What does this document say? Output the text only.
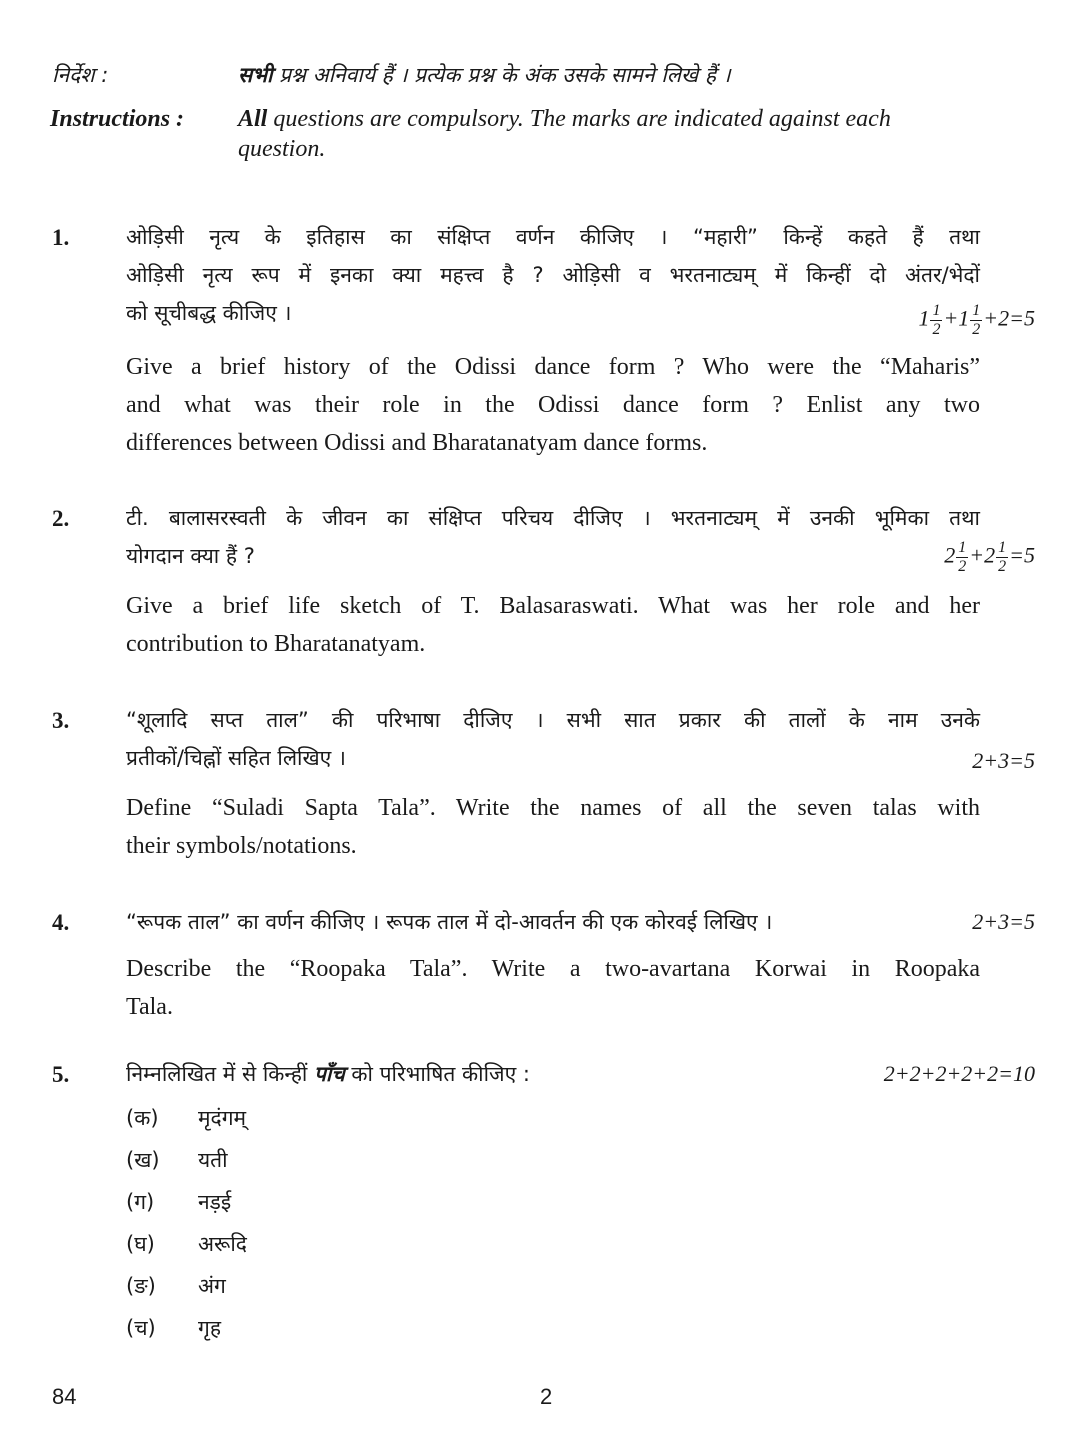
निर्देश :	सभी प्रश्न अनिवार्य हैं । प्रत्येक प्रश्न के अंक उसके सामने लिखे हैं ।
Instructions : All questions are compulsory. The marks are indicated against each
question.
1.	ओड़िसी नृत्य के इतिहास का संक्षिप्त वर्णन कीजिए । “महारी” किन्हें कहते हैं तथा
ओड़िसी नृत्य रूप में इनका क्या महत्त्व है ? ओड़िसी व भरतनाट्यम् में किन्हीं दो अंतर/भेदों
को सूचीबद्ध कीजिए ।	$1 \frac{1}{2} +1 \frac{1}{2} +2=5$
Give a brief history of the Odissi dance form ? Who were the “Maharis”
and what was their role in the Odissi dance form ? Enlist any two
differences between Odissi and Bharatanatyam dance forms.
2.	टी. बालासरस्वती के जीवन का संक्षिप्त परिचय दीजिए । भरतनाट्यम् में उनकी भूमिका तथा
योगदान क्या हैं ?	$2 \frac{1}{2} +2 \frac{1}{2} =5$
Give a brief life sketch of T. Balasaraswati. What was her role and her
contribution to Bharatanatyam.
3.	“शूलादि सप्त ताल” की परिभाषा दीजिए । सभी सात प्रकार की तालों के नाम उनके
प्रतीकों/चिह्नों सहित लिखिए ।	2+3=5
Define “Suladi Sapta Tala”. Write the names of all the seven talas with
their symbols/notations.
4.	“रूपक ताल” का वर्णन कीजिए । रूपक ताल में दो-आवर्तन की एक कोरवई लिखिए ।	2+3=5
Describe the “Roopaka Tala”. Write a two-avartana Korwai in Roopaka
Tala.
5.	निम्नलिखित में से किन्हीं पाँच को परिभाषित कीजिए :	2+2+2+2+2=10
(क) मृदंगम्
(ख) यती
(ग) नड़ई
(घ) अरूदि
(ङ) अंग
(च) गृह
84	2
